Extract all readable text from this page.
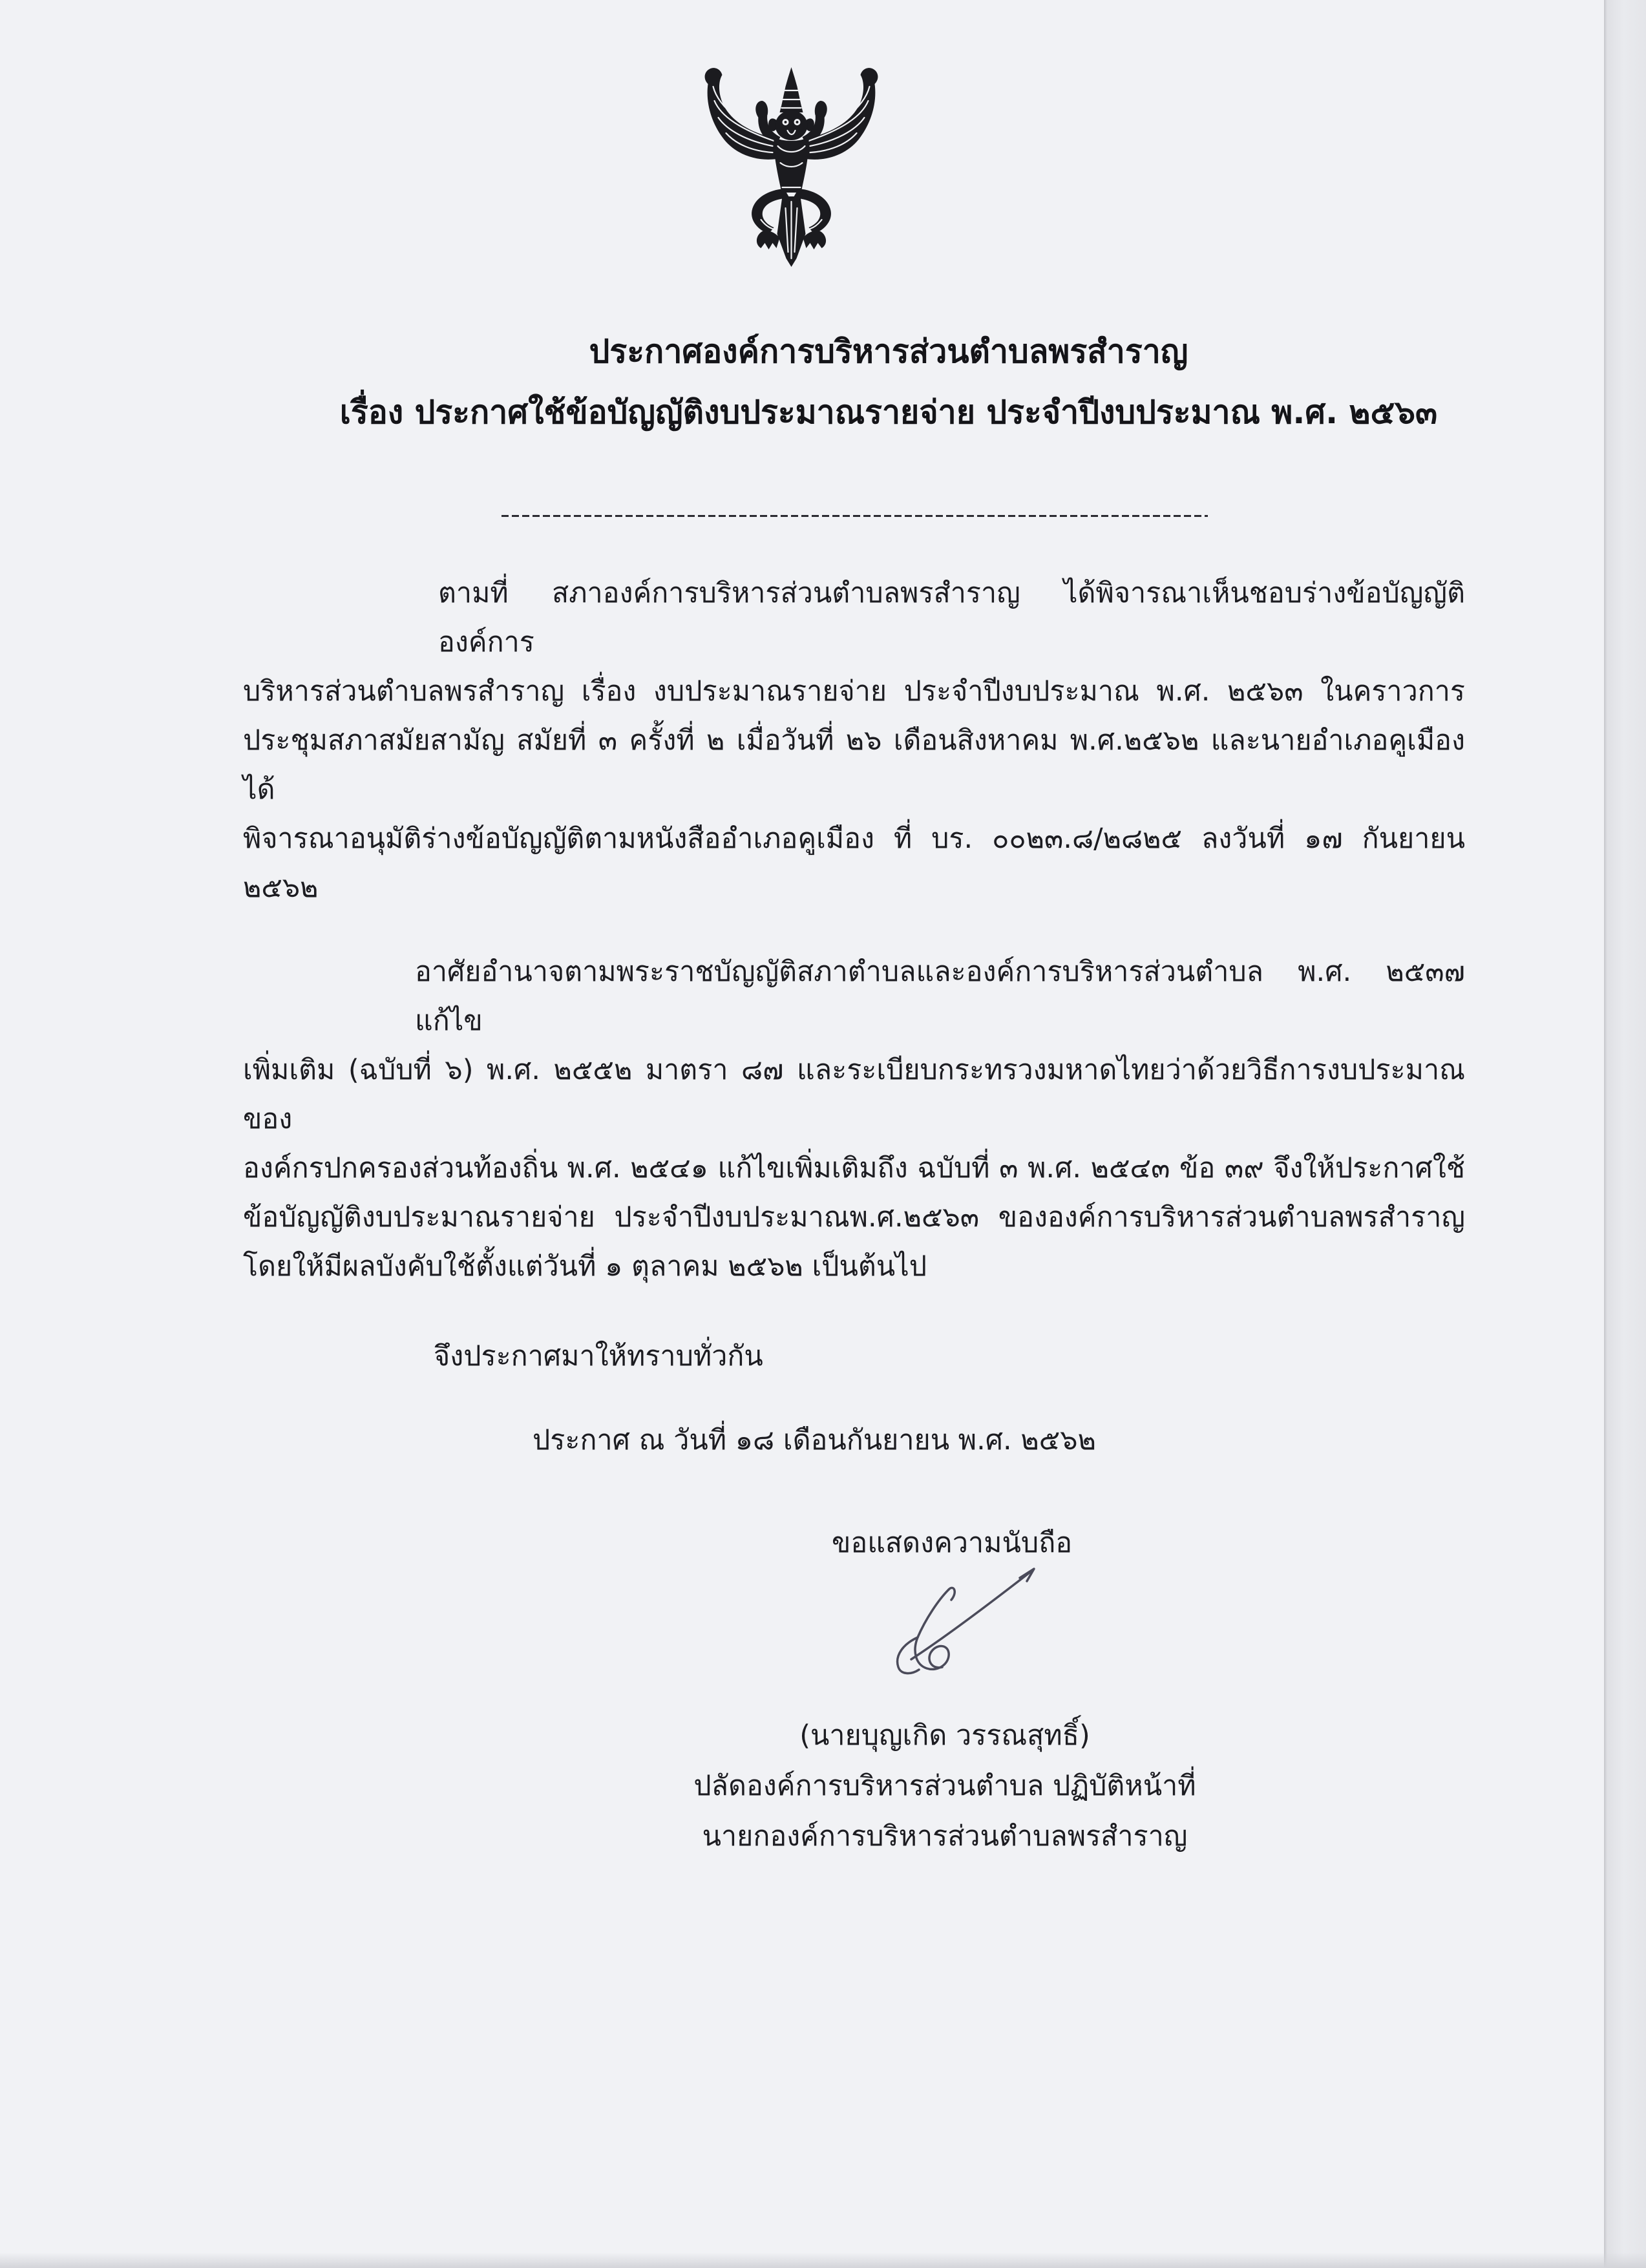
ประกาศองค์การบริหารส่วนตำบลพรสำราญ
เรื่อง ประกาศใช้ข้อบัญญัติงบประมาณรายจ่าย ประจำปีงบประมาณ พ.ศ. ๒๕๖๓
ตามที่ สภาองค์การบริหารส่วนตำบลพรสำราญ ได้พิจารณาเห็นชอบร่างข้อบัญญัติองค์การ
บริหารส่วนตำบลพรสำราญ เรื่อง งบประมาณรายจ่าย ประจำปีงบประมาณ พ.ศ. ๒๕๖๓ ในคราวการ
ประชุมสภาสมัยสามัญ สมัยที่ ๓ ครั้งที่ ๒ เมื่อวันที่ ๒๖ เดือนสิงหาคม พ.ศ.๒๕๖๒ และนายอำเภอคูเมืองได้
พิจารณาอนุมัติร่างข้อบัญญัติตามหนังสืออำเภอคูเมือง ที่ บร. ๐๐๒๓.๘/๒๘๒๕ ลงวันที่ ๑๗ กันยายน ๒๕๖๒
อาศัยอำนาจตามพระราชบัญญัติสภาตำบลและองค์การบริหารส่วนตำบล พ.ศ. ๒๕๓๗ แก้ไข
เพิ่มเติม (ฉบับที่ ๖) พ.ศ. ๒๕๕๒ มาตรา ๘๗ และระเบียบกระทรวงมหาดไทยว่าด้วยวิธีการงบประมาณของ
องค์กรปกครองส่วนท้องถิ่น พ.ศ. ๒๕๔๑ แก้ไขเพิ่มเติมถึง ฉบับที่ ๓ พ.ศ. ๒๕๔๓ ข้อ ๓๙ จึงให้ประกาศใช้
ข้อบัญญัติงบประมาณรายจ่าย ประจำปีงบประมาณพ.ศ.๒๕๖๓ ขององค์การบริหารส่วนตำบลพรสำราญ
โดยให้มีผลบังคับใช้ตั้งแต่วันที่ ๑ ตุลาคม ๒๕๖๒ เป็นต้นไป
จึงประกาศมาให้ทราบทั่วกัน
ประกาศ ณ วันที่ ๑๘ เดือนกันยายน พ.ศ. ๒๕๖๒
ขอแสดงความนับถือ
(นายบุญเกิด วรรณสุทธิ์)
ปลัดองค์การบริหารส่วนตำบล ปฏิบัติหน้าที่
นายกองค์การบริหารส่วนตำบลพรสำราญ
